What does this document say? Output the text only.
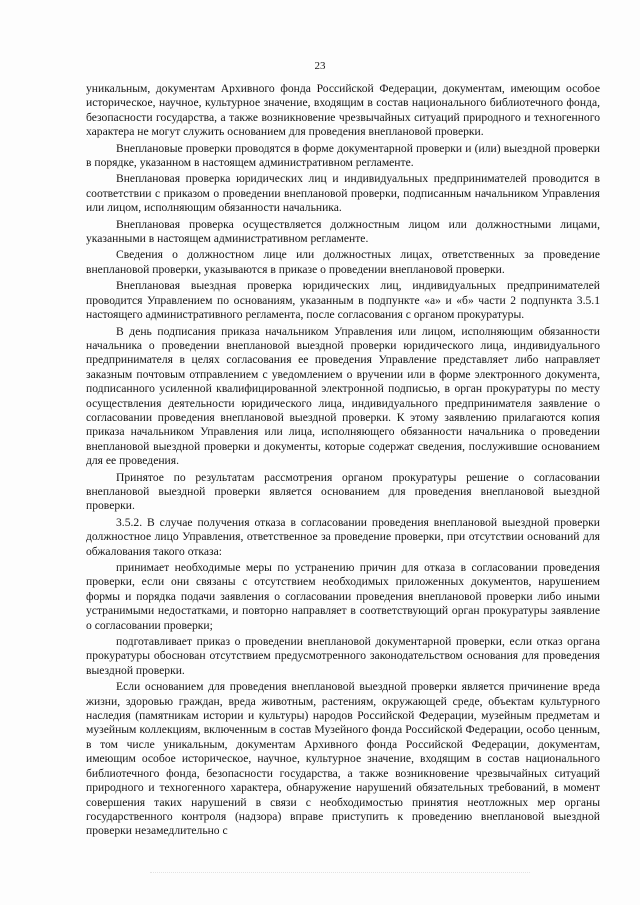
23

уникальным, документам Архивного фонда Российской Федерации, документам, имеющим особое историческое, научное, культурное значение, входящим в состав национального библиотечного фонда, безопасности государства, а также возникновение чрезвычайных ситуаций природного и техногенного характера не могут служить основанием для проведения внеплановой проверки.

Внеплановые проверки проводятся в форме документарной проверки и (или) выездной проверки в порядке, указанном в настоящем административном регламенте.

Внеплановая проверка юридических лиц и индивидуальных предпринимателей проводится в соответствии с приказом о проведении внеплановой проверки, подписанным начальником Управления или лицом, исполняющим обязанности начальника.

Внеплановая проверка осуществляется должностным лицом или должностными лицами, указанными в настоящем административном регламенте.

Сведения о должностном лице или должностных лицах, ответственных за проведение внеплановой проверки, указываются в приказе о проведении внеплановой проверки.

Внеплановая выездная проверка юридических лиц, индивидуальных предпринимателей проводится Управлением по основаниям, указанным в подпункте «а» и «б» части 2 подпункта 3.5.1 настоящего административного регламента, после согласования с органом прокуратуры.

В день подписания приказа начальником Управления или лицом, исполняющим обязанности начальника о проведении внеплановой выездной проверки юридического лица, индивидуального предпринимателя в целях согласования ее проведения Управление представляет либо направляет заказным почтовым отправлением с уведомлением о вручении или в форме электронного документа, подписанного усиленной квалифицированной электронной подписью, в орган прокуратуры по месту осуществления деятельности юридического лица, индивидуального предпринимателя заявление о согласовании проведения внеплановой выездной проверки. К этому заявлению прилагаются копия приказа начальником Управления или лица, исполняющего обязанности начальника о проведении внеплановой выездной проверки и документы, которые содержат сведения, послужившие основанием для ее проведения.

Принятое по результатам рассмотрения органом прокуратуры решение о согласовании внеплановой выездной проверки является основанием для проведения внеплановой выездной проверки.

3.5.2. В случае получения отказа в согласовании проведения внеплановой выездной проверки должностное лицо Управления, ответственное за проведение проверки, при отсутствии оснований для обжалования такого отказа:

принимает необходимые меры по устранению причин для отказа в согласовании проведения проверки, если они связаны с отсутствием необходимых приложенных документов, нарушением формы и порядка подачи заявления о согласовании проведения внеплановой проверки либо иными устранимыми недостатками, и повторно направляет в соответствующий орган прокуратуры заявление о согласовании проверки;

подготавливает приказ о проведении внеплановой документарной проверки, если отказ органа прокуратуры обоснован отсутствием предусмотренного законодательством основания для проведения выездной проверки.

Если основанием для проведения внеплановой выездной проверки является причинение вреда жизни, здоровью граждан, вреда животным, растениям, окружающей среде, объектам культурного наследия (памятникам истории и культуры) народов Российской Федерации, музейным предметам и музейным коллекциям, включенным в состав Музейного фонда Российской Федерации, особо ценным, в том числе уникальным, документам Архивного фонда Российской Федерации, документам, имеющим особое историческое, научное, культурное значение, входящим в состав национального библиотечного фонда, безопасности государства, а также возникновение чрезвычайных ситуаций природного и техногенного характера, обнаружение нарушений обязательных требований, в момент совершения таких нарушений в связи с необходимостью принятия неотложных мер органы государственного контроля (надзора) вправе приступить к проведению внеплановой выездной проверки незамедлительно с
